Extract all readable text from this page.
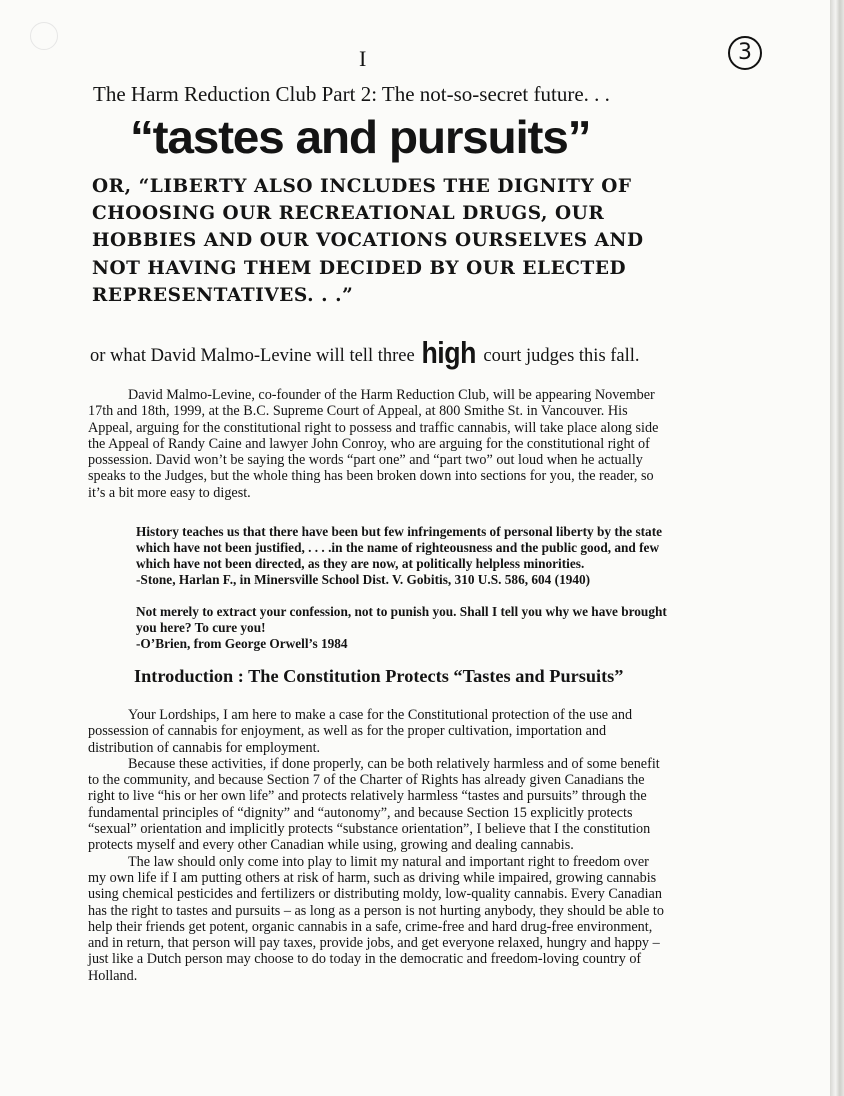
I	3
The Harm Reduction Club Part 2: The not-so-secret future. . .
“tastes and pursuits”
OR, “LIBERTY ALSO INCLUDES THE DIGNITY OF CHOOSING OUR RECREATIONAL DRUGS, OUR HOBBIES AND OUR VOCATIONS OURSELVES AND NOT HAVING THEM DECIDED BY OUR ELECTED REPRESENTATIVES. . .”
or what David Malmo-Levine will tell three high court judges this fall.

David Malmo-Levine, co-founder of the Harm Reduction Club, will be appearing November 17th and 18th, 1999, at the B.C. Supreme Court of Appeal, at 800 Smithe St. in Vancouver. His Appeal, arguing for the constitutional right to possess and traffic cannabis, will take place along side the Appeal of Randy Caine and lawyer John Conroy, who are arguing for the constitutional right of possession. David won’t be saying the words “part one” and “part two” out loud when he actually speaks to the Judges, but the whole thing has been broken down into sections for you, the reader, so it’s a bit more easy to digest.

History teaches us that there have been but few infringements of personal liberty by the state which have not been justified, . . . .in the name of righteousness and the public good, and few which have not been directed, as they are now, at politically helpless minorities.

-Stone, Harlan F., in Minersville School Dist. V. Gobitis, 310 U.S. 586, 604 (1940)

Not merely to extract your confession, not to punish you. Shall I tell you why we have brought you here? To cure you!

-O’Brien, from George Orwell’s 1984

Introduction : The Constitution Protects “Tastes and Pursuits”

Your Lordships, I am here to make a case for the Constitutional protection of the use and possession of cannabis for enjoyment, as well as for the proper cultivation, importation and distribution of cannabis for employment.

Because these activities, if done properly, can be both relatively harmless and of some benefit to the community, and because Section 7 of the Charter of Rights has already given Canadians the right to live “his or her own life” and protects relatively harmless “tastes and pursuits” through the fundamental principles of “dignity” and “autonomy”, and because Section 15 explicitly protects “sexual” orientation and implicitly protects “substance orientation”, I believe that I the constitution protects myself and every other Canadian while using, growing and dealing cannabis.

The law should only come into play to limit my natural and important right to freedom over my own life if I am putting others at risk of harm, such as driving while impaired, growing cannabis using chemical pesticides and fertilizers or distributing moldy, low-quality cannabis. Every Canadian has the right to tastes and pursuits – as long as a person is not hurting anybody, they should be able to help their friends get potent, organic cannabis in a safe, crime-free and hard drug-free environment, and in return, that person will pay taxes, provide jobs, and get everyone relaxed, hungry and happy – just like a Dutch person may choose to do today in the democratic and freedom-loving country of Holland.
